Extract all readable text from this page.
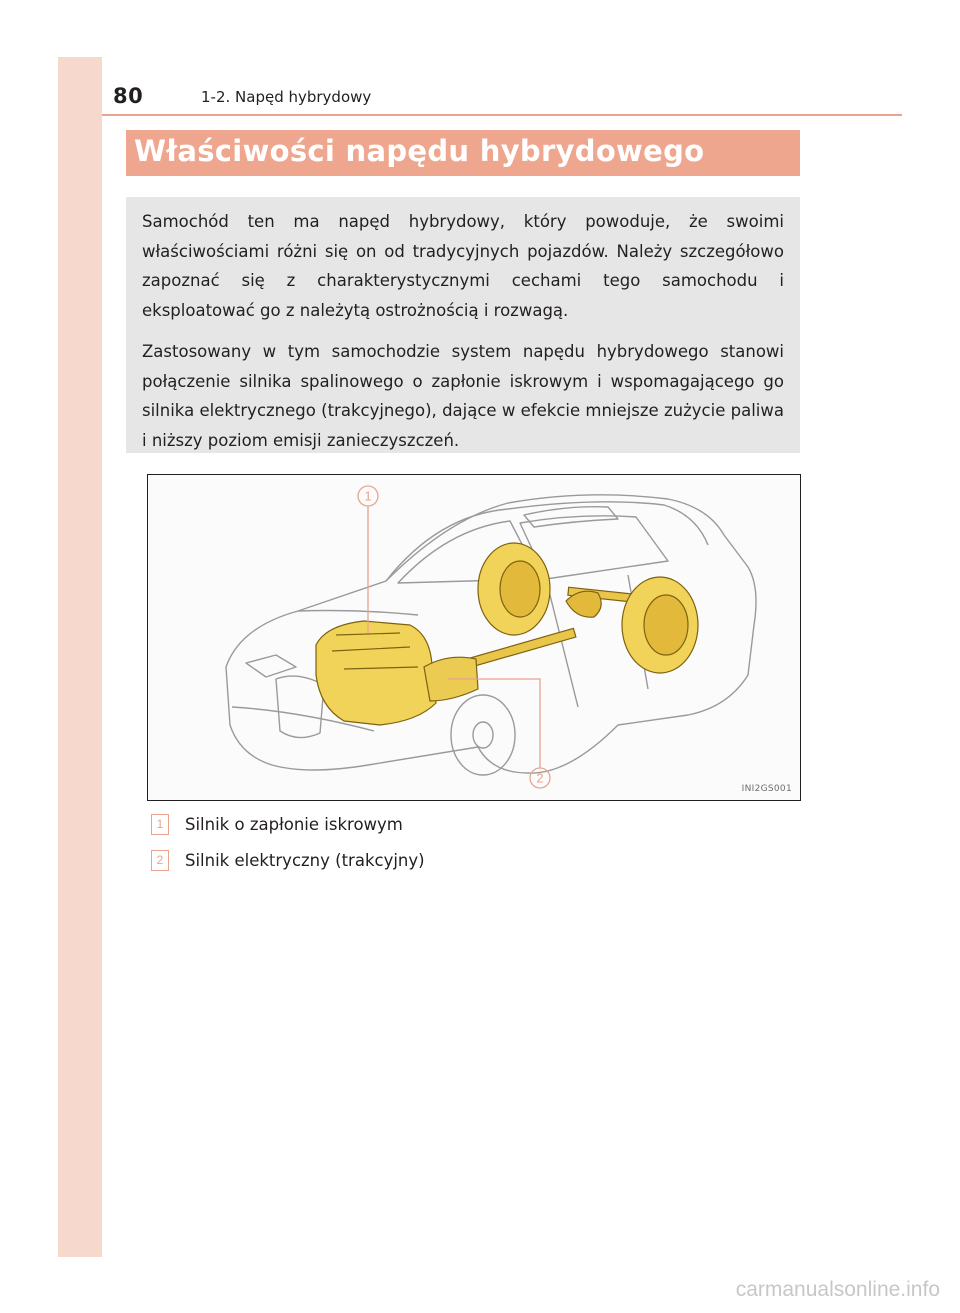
80	1-2. Napęd hybrydowy
Właściwości napędu hybrydowego

Samochód ten ma napęd hybrydowy, który powoduje, że swoimi właściwościami różni się on od tradycyjnych pojazdów. Należy szczegółowo zapoznać się z charakterystycznymi cechami tego samochodu i eksploatować go z należytą ostrożnością i rozwagą.

Zastosowany w tym samochodzie system napędu hybrydowego stanowi połączenie silnika spalinowego o zapłonie iskrowym i wspomagającego go silnika elektrycznego (trakcyjnego), dające w efekcie mniejsze zużycie paliwa i niższy poziom emisji zanieczyszczeń.

1
2
INI2GS001
1	Silnik o zapłonie iskrowym
2	Silnik elektryczny (trakcyjny)
carmanualsonline.info
